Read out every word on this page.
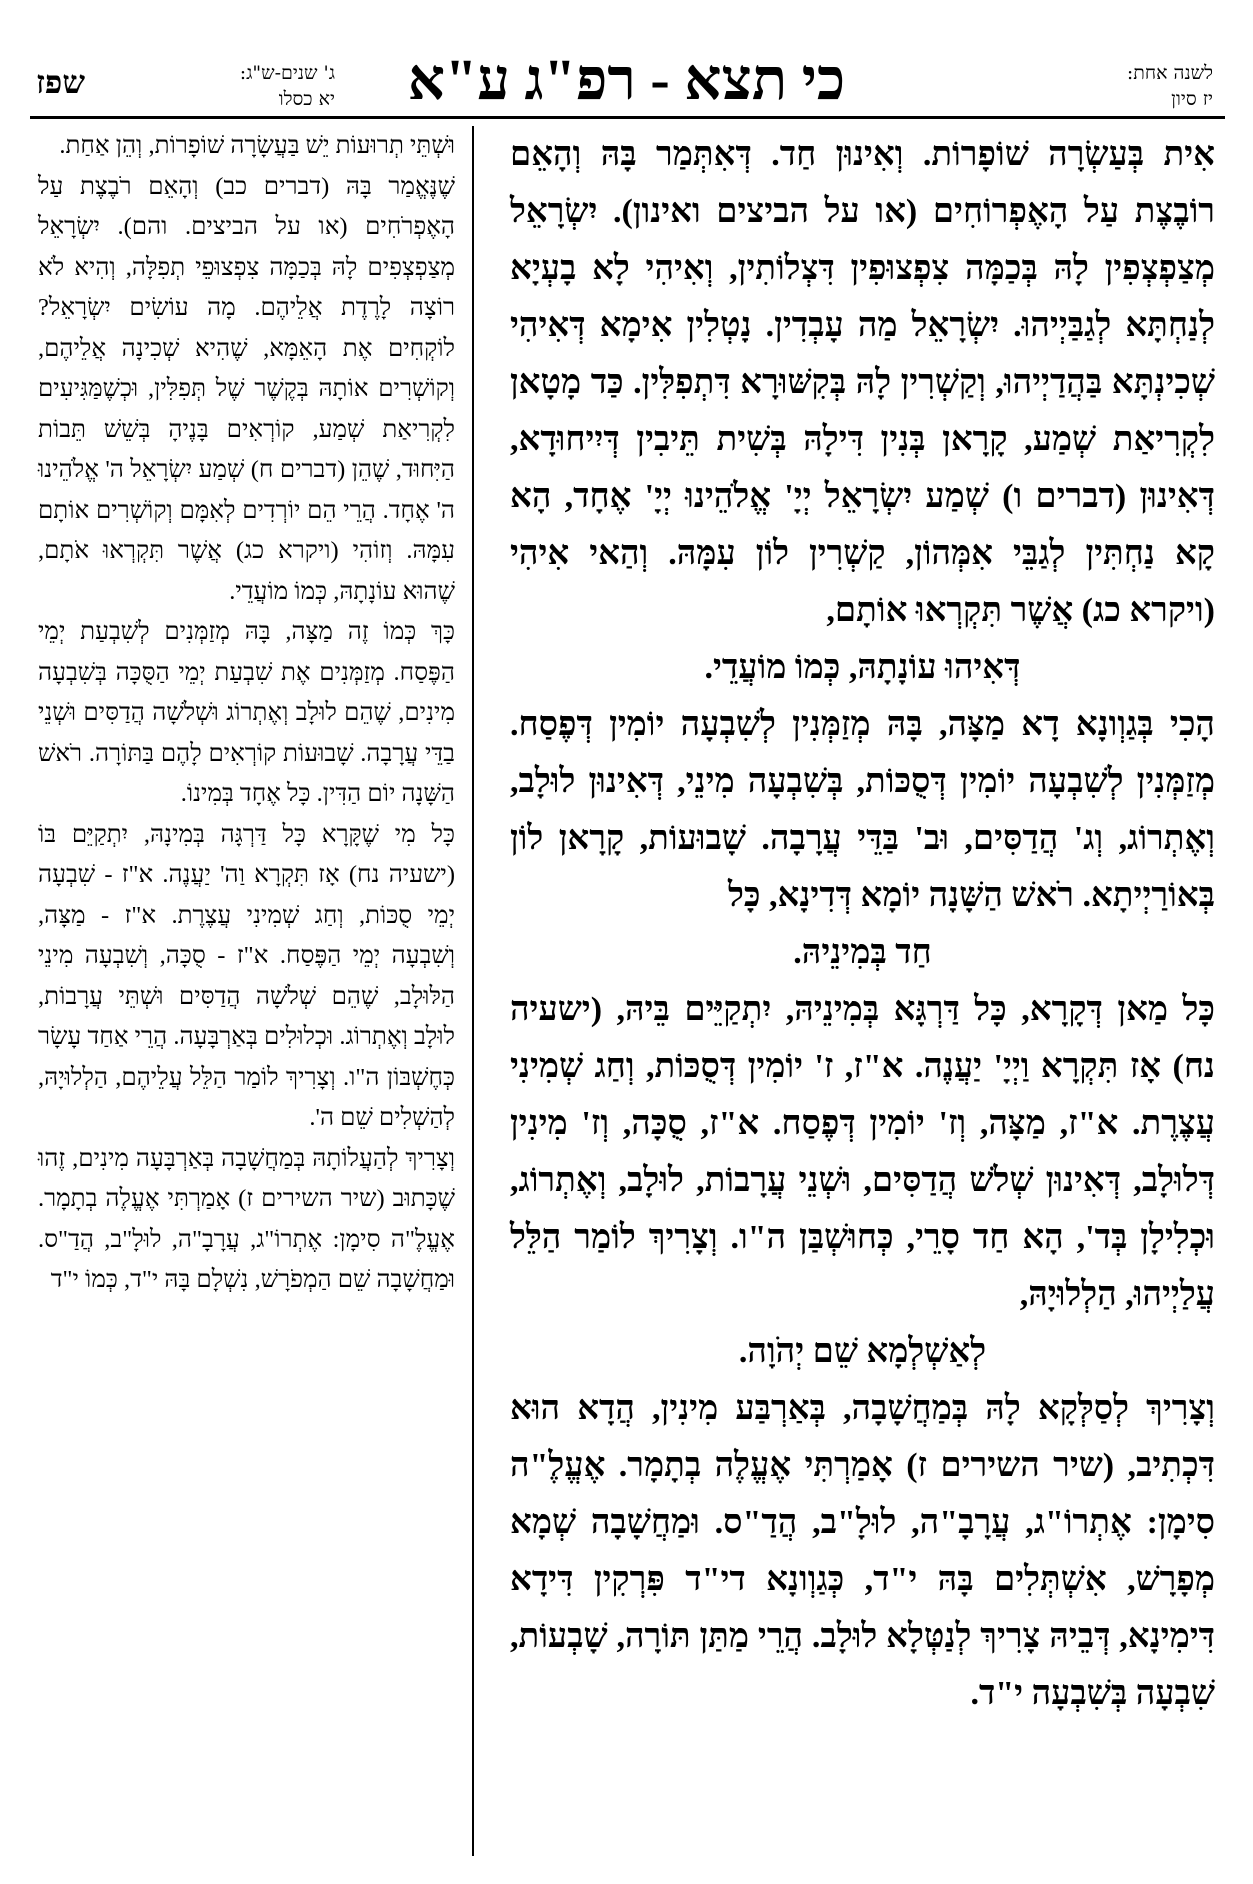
לשנה אחת:
יז סיון
כי תצא - רפ"ג ע"א
ג' שנים-ש"ג:
יא כסלו
שפז

אִית בְּעַשְׂרָה שׁוֹפָרוֹת. וְאִינוּן חַד. דְּאִתְּמַר בָּהּ וְהָאֵם רוֹבֶצֶת עַל הָאֶפְרוֹחִים (או על הביצים ואינון). יִשְׂרָאֵל מְצַפְצְפִין לָהּ בְּכַמָּה צִפְצוּפִין דִּצְלוֹתִין, וְאִיהִי לָא בָעְיָא לְנַחְתָּא לְגַבַּיְיהוּ. יִשְׂרָאֵל מַה עָבְדִין. נָטְלִין אִימָא דְּאִיהִי שְׁכִינְתָּא בַּהֲדַיְיהוּ, וְקַשְׁרִין לָהּ בְּקִשּׁוּרָא דִּתְפִלִּין. כַּד מָטָאן לִקְרִיאַת שְׁמַע, קָרָאן בְּנִין דִּילָהּ בְּשִׁית תֵּיבִין דְּיִיחוּדָא, דְּאִינוּן (דברים ו) שְׁמַע יִשְׂרָאֵל יְיָ' אֱלֹהֵינוּ יְיָ' אֶחָד, הָא קָא נַחְתִּין לְגַבֵּי אִמְּהוֹן, קַשְׁרִין לוֹן עִמָּהּ. וְהַאי אִיהִי (ויקרא כג) אֲשֶׁר תִּקְרְאוּ אוֹתָם,

דְּאִיהוּ עוֹנָתָהּ, כְּמוֹ מוֹעֲדֵי.

הָכִי בְּגַוְונָא דָא מַצָּה, בָּהּ מְזַמְּנִין לְשִׁבְעָה יוֹמִין דְּפֶסַח. מְזַמְּנִין לְשִׁבְעָה יוֹמִין דְּסֻכּוֹת, בְּשִׁבְעָה מִינֵי, דְּאִינוּן לוּלָב, וְאֶתְרוֹג, וְג' הֲדַסִּים, וּב' בַּדֵּי עֲרָבָה. שָׁבוּעוֹת, קָרָאן לוֹן בְּאוֹרַיְיתָא. רֹאשׁ הַשָּׁנָה יוֹמָא דְּדִינָא, כָּל

חַד בְּמִינֵיהּ.

כָּל מַאן דְּקָרָא, כָּל דַּרְגָּא בְּמִינֵיהּ, יִתְקַיֵּים בֵּיהּ, (ישעיה נח) אָז תִּקְרָא וַיְיָ' יַעֲנֶה. א"ז, ז' יוֹמִין דְּסֻכּוֹת, וְחַג שְׁמִינִי עֲצֶרֶת. א"ז, מַצָּה, וְז' יוֹמִין דְּפֶסַח. א"ז, סֻכָּה, וְז' מִינִין דְּלוּלָב, דְּאִינוּן שְׁלֹשׁ הֲדַסִּים, וּשְׁנֵי עֲרָבוֹת, לוּלָב, וְאֶתְרוֹג, וּכְלִילָן בְּד', הָא חַד סָרֵי, כְּחוּשְׁבַּן ה"ו. וְצָרִיךְ לוֹמַר הַלֵּל עֲלַיְיהוּ, הַלְלוּיָהּ,

לְאַשְׁלְמָא שֵׁם יְהֹוָה.

וְצָרִיךְ לְסַלְּקָא לָהּ בְּמַחֲשָׁבָה, בְּאַרְבַּע מִינִין, הֲדָא הוּא דִּכְתִיב, (שיר השירים ז) אָמַרְתִּי אֶעֱלֶה בְתָמָר. אֶעֱלֶ"ה סִימָן: אֶתְרוֹ"ג, עֲרָבָ"ה, לוּלָ"ב, הֲדַ"ס. וּמַחֲשָׁבָה שְׁמָא מְפָרָשׁ, אִשְׁתְּלִים בָּהּ י"ד, כְּגַוְונָא די"ד פִּרְקִין דִּידָא דִּימִינָא, דְּבֵיהּ צָרִיךְ לְנַטְּלָא לוּלָב. הֲרֵי מַתַּן תּוֹרָה, שָׁבְעוֹת, שִׁבְעָה בְּשִׁבְעָה י"ד.

וּשְׁתֵּי תְרוּעוֹת יֵשׁ בַּעֲשָׂרָה שׁוֹפָרוֹת, וְהֵן אַחַת.

שֶׁנֶּאֱמַר בָּהּ (דברים כב) וְהָאֵם רֹבֶצֶת עַל הָאֶפְרֹחִים (או על הביצים. והם). יִשְׂרָאֵל מְצַפְצְפִים לָהּ בְּכַמָּה צִפְצוּפֵי תְפִלָּה, וְהִיא לֹא רוֹצָה לָרֶדֶת אֲלֵיהֶם. מָה עוֹשִׂים יִשְׂרָאֵל? לוֹקְחִים אֶת הָאֵמָּא, שֶׁהִיא שְׁכִינָה אֲלֵיהֶם, וְקוֹשְׁרִים אוֹתָהּ בְּקֶשֶׁר שֶׁל תְּפִלִּין, וּכְשֶׁמַּגִּיעִים לִקְרִיאַת שְׁמַע, קוֹרְאִים בָּנֶיהָ בְּשֵׁשׁ תֵּבוֹת הַיִּחוּד, שֶׁהֵן (דברים ח) שְׁמַע יִשְׂרָאֵל ה' אֱלֹהֵינוּ ה' אֶחָד. הֲרֵי הֵם יוֹרְדִים לְאִמָּם וְקוֹשְׁרִים אוֹתָם עִמָּהּ. וְזוֹהִי (ויקרא כג) אֲשֶׁר תִּקְרְאוּ אֹתָם, שֶׁהוּא עוֹנָתָהּ, כְּמוֹ מוֹעֲדֵי.

כָּךְ כְּמוֹ זֶה מַצָּה, בָּהּ מְזַמְּנִים לְשִׁבְעַת יְמֵי הַפֶּסַח. מְזַמְּנִים אֶת שִׁבְעַת יְמֵי הַסֻּכָּה בְּשִׁבְעָה מִינִים, שֶׁהֵם לוּלָב וְאֶתְרוֹג וּשְׁלֹשָׁה הֲדַסִּים וּשְׁנֵי בַדֵּי עֲרָבָה. שָׁבוּעוֹת קוֹרְאִים לָהֶם בַּתּוֹרָה. רֹאשׁ הַשָּׁנָה יוֹם הַדִּין. כָּל אֶחָד בְּמִינוֹ.

כָּל מִי שֶׁקָּרָא כָּל דַּרְגָּה בְּמִינָהּ, יִתְקַיֵּם בּוֹ (ישעיה נח) אָז תִּקְרָא וַה' יַעֲנֶה. א"ז - שִׁבְעָה יְמֵי סֻכּוֹת, וְחַג שְׁמִינִי עֲצֶרֶת. א"ז - מַצָּה, וְשִׁבְעָה יְמֵי הַפֶּסַח. א"ז - סֻכָּה, וְשִׁבְעָה מִינֵי הַלּוּלָב, שֶׁהֵם שְׁלֹשָׁה הֲדַסִּים וּשְׁתֵּי עֲרָבוֹת, לוּלָב וְאֶתְרוֹג. וּכְלוּלִים בְּאַרְבָּעָה. הֲרֵי אַחַד עָשָׂר כְּחֶשְׁבּוֹן ה"ו. וְצָרִיךְ לוֹמַר הַלֵּל עֲלֵיהֶם, הַלְלוּיָהּ, לְהַשְׁלִים שֵׁם ה'.

וְצָרִיךְ לְהַעֲלוֹתָהּ בְּמַחֲשָׁבָה בְּאַרְבָּעָה מִינִים, זֶהוּ שֶׁכָּתוּב (שיר השירים ז) אָמַרְתִּי אֶעֱלֶה בְתָמָר. אֶעֱלֶ"ה סִימָן: אֶתְרוֹ"ג, עֲרָבָ"ה, לוּלָ"ב, הֲדַ"ס. וּמַחֲשָׁבָה שֵׁם הַמְפֹרָשׁ, נִשְׁלָם בָּהּ י"ד, כְּמוֹ י"ד
